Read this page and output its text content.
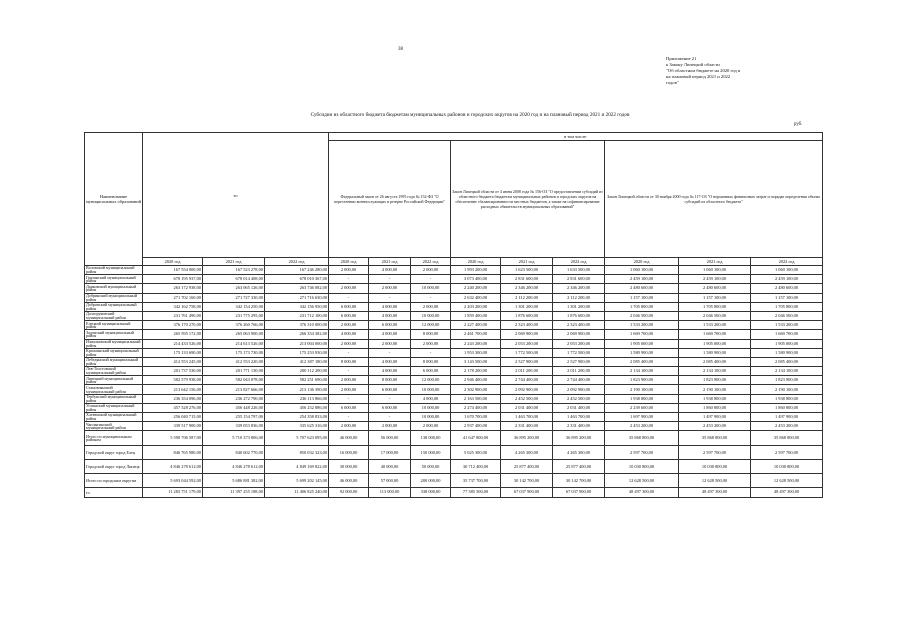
38
Приложение 21
к Закону Липецкой области
"Об областном бюджете на 2020 год и
на плановый период 2021 и 2022
годов"
Субсидии из областного бюджета бюджетам муниципальных районов и городских округов на 2020 год и на плановый период 2021 и 2022 годов
руб.
Наименование муниципальных образований	то			в том числе:								
				Федеральный закон от 26 августа 1995 года № 152-ФЗ "О переселении военнослужащих в резерве Российской Федерации"			Закон Липецкой области от 4 июня 2008 года № 156-ОЗ "О предоставлении субсидий из областного бюджета бюджетам муниципальных районов и городских округов на обеспечение сбалансированности местных бюджетов, а также на софинансирование расходных обязательств муниципальных образований"			Закон Липецкой области от 30 ноября 2000 года № 117-ОЗ "О нормативах финансовых затрат и порядке определения объема субсидий из областного бюджета"		
	2020 год	2021 год	2022 год	2020 год	2021 год	2022 год	2020 год	2021 год	2022 год	2020 год	2021 год	2022 год
Воловский муниципальный район	167 554 000,00	167 523 278,00	167 246 280,00	2 000,00	4 000,00	2 000,00	1 993 200,00	1 623 500,00	1 633 500,00	1 060 100,00	1 060 100,00	1 060 100,00
Грязинский муниципальный район	678 195 937,00	678 014 408,00	678 010 367,00	-	-	-	3 073 400,00	2 831 600,00	2 831 600,00	2 459 100,00	2 459 100,00	2 459 100,00
Данковский муниципальный район	263 172 938,00	263 065 126,00	263 746 082,00	2 000,00	2 000,00	10 000,00	2 240 200,00	2 346 200,00	2 346 200,00	2 480 600,00	2 480 600,00	2 480 600,00
Добринский муниципальный район	271 702 160,00	271 727 330,00	271 716 630,00	-	-	-	2 632 400,00	2 112 200,00	2 112 200,00	1 157 100,00	1 157 100,00	1 157 100,00
Добровский муниципальный район	342 162 758,00	342 154 250,00	342 156 950,00	6 000,00	4 000,00	2 000,00	2 203 200,00	1 301 200,00	1 301 200,00	1 705 800,00	1 705 800,00	1 705 800,00
Долгоруковский муниципальный район	231 761 490,00	231 775 295,00	231 712 100,00	6 000,00	4 000,00	10 000,00	1 859 400,00	1 876 600,00	1 876 600,00	2 046 500,00	2 046 500,00	2 046 500,00
Елецкий муниципальный район	376 170 270,00	376 260 766,00	376 310 000,00	2 000,00	6 000,00	12 000,00	2 227 400,00	2 323 400,00	2 323 400,00	1 533 200,00	1 533 200,00	1 533 200,00
Задонский муниципальный район	265 595 172,00	265 063 900,00	266 354 382,00	4 000,00	4 000,00	8 000,00	2 461 700,00	2 069 900,00	2 069 900,00	1 669 700,00	1 669 700,00	1 669 700,00
Измалковский муниципальный район	214 433 526,00	214 613 526,00	213 004 000,00	2 000,00	2 000,00	2 000,00	2 243 200,00	2 053 200,00	2 053 200,00	1 905 000,00	1 905 000,00	1 905 000,00
Краснинский муниципальный район	175 133 690,00	175 173 730,00	175 253 930,00	-	-	-	1 953 300,00	1 772 500,00	1 772 500,00	1 580 900,00	1 580 900,00	1 580 900,00
Лебедянский муниципальный район	412 553 245,00	412 553 220,00	412 387 180,00	8 000,00	4 000,00	8 000,00	3 143 500,00	2 527 900,00	2 527 900,00	2 085 400,00	2 085 400,00	2 085 400,00
Лев-Толстовский муниципальный район	201 737 530,00	201 771 130,00	200 112 200,00	-	4 000,00	6 000,00	2 178 200,00	2 011 200,00	2 011 200,00	2 134 100,00	2 134 100,00	2 134 100,00
Липецкий муниципальный район	582 579 938,00	582 043 078,00	582 251 690,00	2 000,00	8 000,00	12 000,00	2 946 400,00	2 744 400,00	2 744 400,00	1 823 900,00	1 823 900,00	1 823 900,00
Становлянский муниципальный район	213 642 156,00	213 827 666,00	213 136 390,00	2 000,00	6 000,00	10 000,00	2 302 900,00	2 092 900,00	2 092 900,00	2 190 100,00	2 190 100,00	2 190 100,00
Тербунский муниципальный район	236 354 096,00	236 272 790,00	236 113 866,00	-	-	4 000,00	2 163 500,00	2 452 500,00	2 452 500,00	1 938 800,00	1 938 800,00	1 938 800,00
Усманский муниципальный район	457 528 276,00	456 448 226,00	456 252 886,00	6 000,00	6 000,00	10 000,00	2 274 400,00	2 031 400,00	2 031 400,00	2 239 600,00	1 860 800,00	1 860 800,00
Хлевенский муниципальный район	256 040 715,00	255 154 797,00	254 358 833,00	-	-	10 000,00	1 670 700,00	1 463 700,00	1 463 700,00	1 697 900,00	1 497 900,00	1 497 900,00
Чаплыгинский муниципальный район	339 517 900,00	339 053 836,00	335 625 316,00	2 000,00	2 000,00	2 000,00	2 937 400,00	2 331 400,00	2 331 400,00	2 453 200,00	2 453 200,00	2 453 200,00
Итого по муниципальным районам	5 590 706 587,00	5 710 373 806,00	5 707 623 095,00	46 000,00	56 000,00	138 000,00	41 647 800,00	36 895 200,00	36 895 200,00	35 868 800,00	35 868 800,00	35 868 800,00
Городской округ город Елец	846 765 980,00	840 602 770,00	850 032 323,00	16 000,00	17 000,00	150 000,00	5 025 300,00	4 265 300,00	4 265 300,00	2 597 700,00	2 597 700,00	2 597 700,00
Городской округ город Липецк	4 846 278 612,00	4 846 278 612,00	4 849 169 822,00	30 000,00	40 000,00	50 000,00	30 712 400,00	25 877 400,00	25 877 400,00	10 030 800,00	10 030 800,00	10 030 800,00
Итого по городским округам	5 693 044 592,00	5 686 881 382,00	5 699 202 145,00	46 000,00	57 000,00	200 000,00	35 737 700,00	30 142 700,00	30 142 700,00	12 628 500,00	12 628 500,00	12 628 500,00
го	11 283 751 179,00	11 397 255 188,00	11 406 825 240,00	92 000,00	113 000,00	338 000,00	77 385 500,00	67 037 900,00	67 037 900,00	48 497 300,00	48 497 300,00	48 497 300,00
